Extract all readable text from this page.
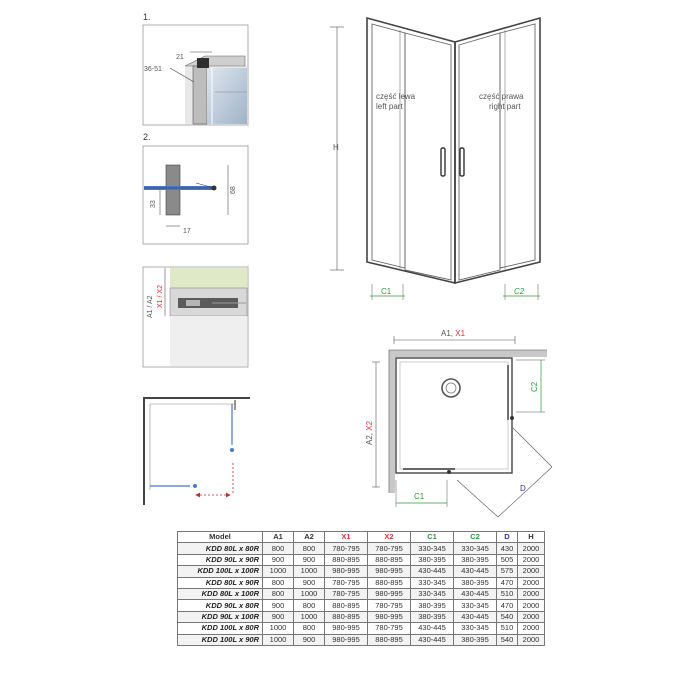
1.
21
36-51
2.
68
33
17
A1 / A2 X1 / X2
H
część lewa
left part
część prawa
right part
C1	C2
A1, X1
A2, X2
C1
C2
D
Model	A1	A2	X1	X2	C1	C2	D	H
KDD 80L x 80R	800	800	780-795	780-795	330-345	330-345	430	2000
KDD 90L x 90R	900	900	880-895	880-895	380-395	380-395	505	2000
KDD 100L x 100R	1000	1000	980-995	980-995	430-445	430-445	575	2000
KDD 80L x 90R	800	900	780-795	880-895	330-345	380-395	470	2000
KDD 80L x 100R	800	1000	780-795	980-995	330-345	430-445	510	2000
KDD 90L x 80R	900	800	880-895	780-795	380-395	330-345	470	2000
KDD 90L x 100R	900	1000	880-895	980-995	380-395	430-445	540	2000
KDD 100L x 80R	1000	800	980-995	780-795	430-445	330-345	510	2000
KDD 100L x 90R	1000	900	980-995	880-895	430-445	380-395	540	2000
